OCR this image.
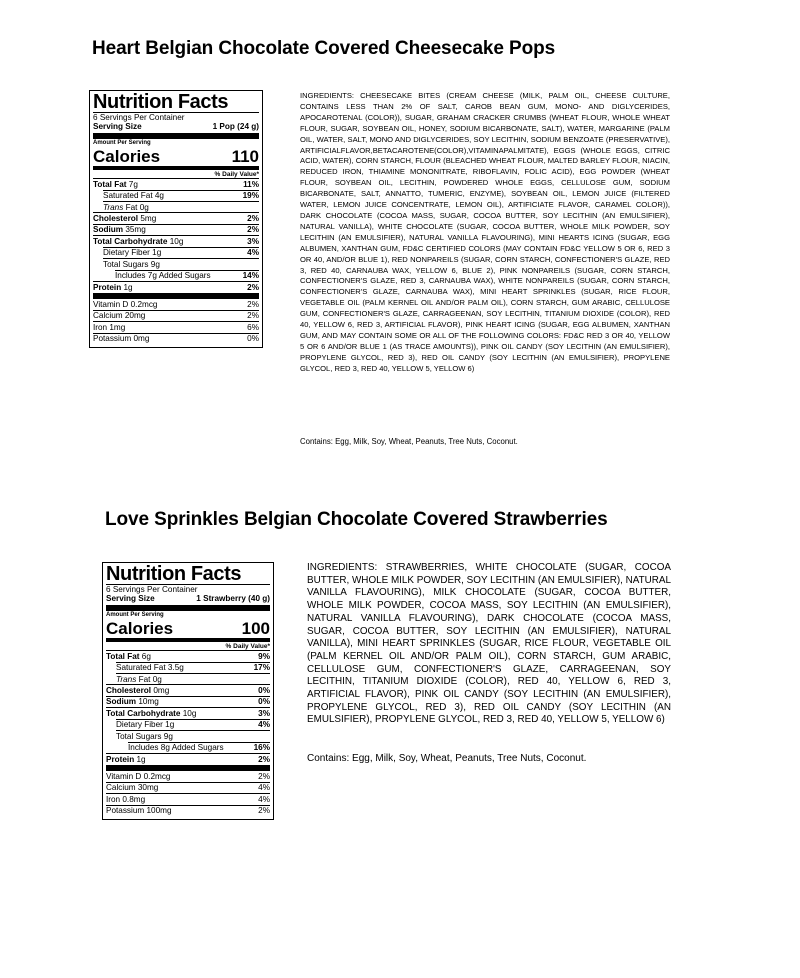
Heart Belgian Chocolate Covered Cheesecake Pops
Nutrition Facts
6 Servings Per Container
Serving Size	1 Pop (24 g)
Amount Per Serving
Calories	110
% Daily Value*
Total Fat 7g	11%
Saturated Fat 4g	19%
Trans Fat 0g
Cholesterol 5mg	2%
Sodium 35mg	2%
Total Carbohydrate 10g	3%
Dietary Fiber 1g	4%
Total Sugars 9g
Includes 7g Added Sugars	14%
Protein 1g	2%
Vitamin D 0.2mcg	2%
Calcium 20mg	2%
Iron 1mg	6%
Potassium 0mg	0%

INGREDIENTS: CHEESECAKE BITES (CREAM CHEESE (MILK, PALM OIL, CHEESE CULTURE, CONTAINS LESS THAN 2% OF SALT, CAROB BEAN GUM, MONO- AND DIGLYCERIDES, APOCAROTENAL (COLOR)), SUGAR, GRAHAM CRACKER CRUMBS (WHEAT FLOUR, WHOLE WHEAT FLOUR, SUGAR, SOYBEAN OIL, HONEY, SODIUM BICARBONATE, SALT), WATER, MARGARINE (PALM OIL, WATER, SALT, MONO AND DIGLYCERIDES, SOY LECITHIN, SODIUM BENZOATE (PRESERVATIVE), ARTIFICIALFLAVOR,BETACAROTENE(COLOR),VITAMINAPALMITATE), EGGS (WHOLE EGGS, CITRIC ACID, WATER), CORN STARCH, FLOUR (BLEACHED WHEAT FLOUR, MALTED BARLEY FLOUR, NIACIN, REDUCED IRON, THIAMINE MONONITRATE, RIBOFLAVIN, FOLIC ACID), EGG POWDER (WHEAT FLOUR, SOYBEAN OIL, LECITHIN, POWDERED WHOLE EGGS, CELLULOSE GUM, SODIUM BICARBONATE, SALT, ANNATTO, TUMERIC, ENZYME), SOYBEAN OIL, LEMON JUICE (FILTERED WATER, LEMON JUICE CONCENTRATE, LEMON OIL), ARTIFICIATE FLAVOR, CARAMEL COLOR)), DARK CHOCOLATE (COCOA MASS, SUGAR, COCOA BUTTER, SOY LECITHIN (AN EMULSIFIER), NATURAL VANILLA), WHITE CHOCOLATE (SUGAR, COCOA BUTTER, WHOLE MILK POWDER, SOY LECITHIN (AN EMULSIFIER), NATURAL VANILLA FLAVOURING), MINI HEARTS ICING (SUGAR, EGG ALBUMEN, XANTHAN GUM, FD&C CERTIFIED COLORS (MAY CONTAIN FD&C YELLOW 5 OR 6, RED 3 OR 40, AND/OR BLUE 1), RED NONPAREILS (SUGAR, CORN STARCH, CONFECTIONER'S GLAZE, RED 3, RED 40, CARNAUBA WAX, YELLOW 6, BLUE 2), PINK NONPAREILS (SUGAR, CORN STARCH, CONFECTIONER'S GLAZE, RED 3, CARNAUBA WAX), WHITE NONPAREILS (SUGAR, CORN STARCH, CONFECTIONER'S GLAZE, CARNAUBA WAX), MINI HEART SPRINKLES (SUGAR, RICE FLOUR, VEGETABLE OIL (PALM KERNEL OIL AND/OR PALM OIL), CORN STARCH, GUM ARABIC, CELLULOSE GUM, CONFECTIONER'S GLAZE, CARRAGEENAN, SOY LECITHIN, TITANIUM DIOXIDE (COLOR), RED 40, YELLOW 6, RED 3, ARTIFICIAL FLAVOR), PINK HEART ICING (SUGAR, EGG ALBUMEN, XANTHAN GUM, AND MAY CONTAIN SOME OR ALL OF THE FOLLOWING COLORS: FD&C RED 3 OR 40, YELLOW 5 OR 6 AND/OR BLUE 1 (AS TRACE AMOUNTS)), PINK OIL CANDY (SOY LECITHIN (AN EMULSIFIER), PROPYLENE GLYCOL, RED 3), RED OIL CANDY (SOY LECITHIN (AN EMULSIFIER), PROPYLENE GLYCOL, RED 3, RED 40, YELLOW 5, YELLOW 6)

Contains: Egg, Milk, Soy, Wheat, Peanuts, Tree Nuts, Coconut.

Love Sprinkles Belgian Chocolate Covered Strawberries
Nutrition Facts
6 Servings Per Container
Serving Size	1 Strawberry (40 g)
Amount Per Serving
Calories	100
% Daily Value*
Total Fat 6g	9%
Saturated Fat 3.5g	17%
Trans Fat 0g
Cholesterol 0mg	0%
Sodium 10mg	0%
Total Carbohydrate 10g	3%
Dietary Fiber 1g	4%
Total Sugars 9g
Includes 8g Added Sugars	16%
Protein 1g	2%
Vitamin D 0.2mcg	2%
Calcium 30mg	4%
Iron 0.8mg	4%
Potassium 100mg	2%

INGREDIENTS: STRAWBERRIES, WHITE CHOCOLATE (SUGAR, COCOA BUTTER, WHOLE MILK POWDER, SOY LECITHIN (AN EMULSIFIER), NATURAL VANILLA FLAVOURING), MILK CHOCOLATE (SUGAR, COCOA BUTTER, WHOLE MILK POWDER, COCOA MASS, SOY LECITHIN (AN EMULSIFIER), NATURAL VANILLA FLAVOURING), DARK CHOCOLATE (COCOA MASS, SUGAR, COCOA BUTTER, SOY LECITHIN (AN EMULSIFIER), NATURAL VANILLA), MINI HEART SPRINKLES (SUGAR, RICE FLOUR, VEGETABLE OIL (PALM KERNEL OIL AND/OR PALM OIL), CORN STARCH, GUM ARABIC, CELLULOSE GUM, CONFECTIONER'S GLAZE, CARRAGEENAN, SOY LECITHIN, TITANIUM DIOXIDE (COLOR), RED 40, YELLOW 6, RED 3, ARTIFICIAL FLAVOR), PINK OIL CANDY (SOY LECITHIN (AN EMULSIFIER), PROPYLENE GLYCOL, RED 3), RED OIL CANDY (SOY LECITHIN (AN EMULSIFIER), PROPYLENE GLYCOL, RED 3, RED 40, YELLOW 5, YELLOW 6)

Contains: Egg, Milk, Soy, Wheat, Peanuts, Tree Nuts, Coconut.
